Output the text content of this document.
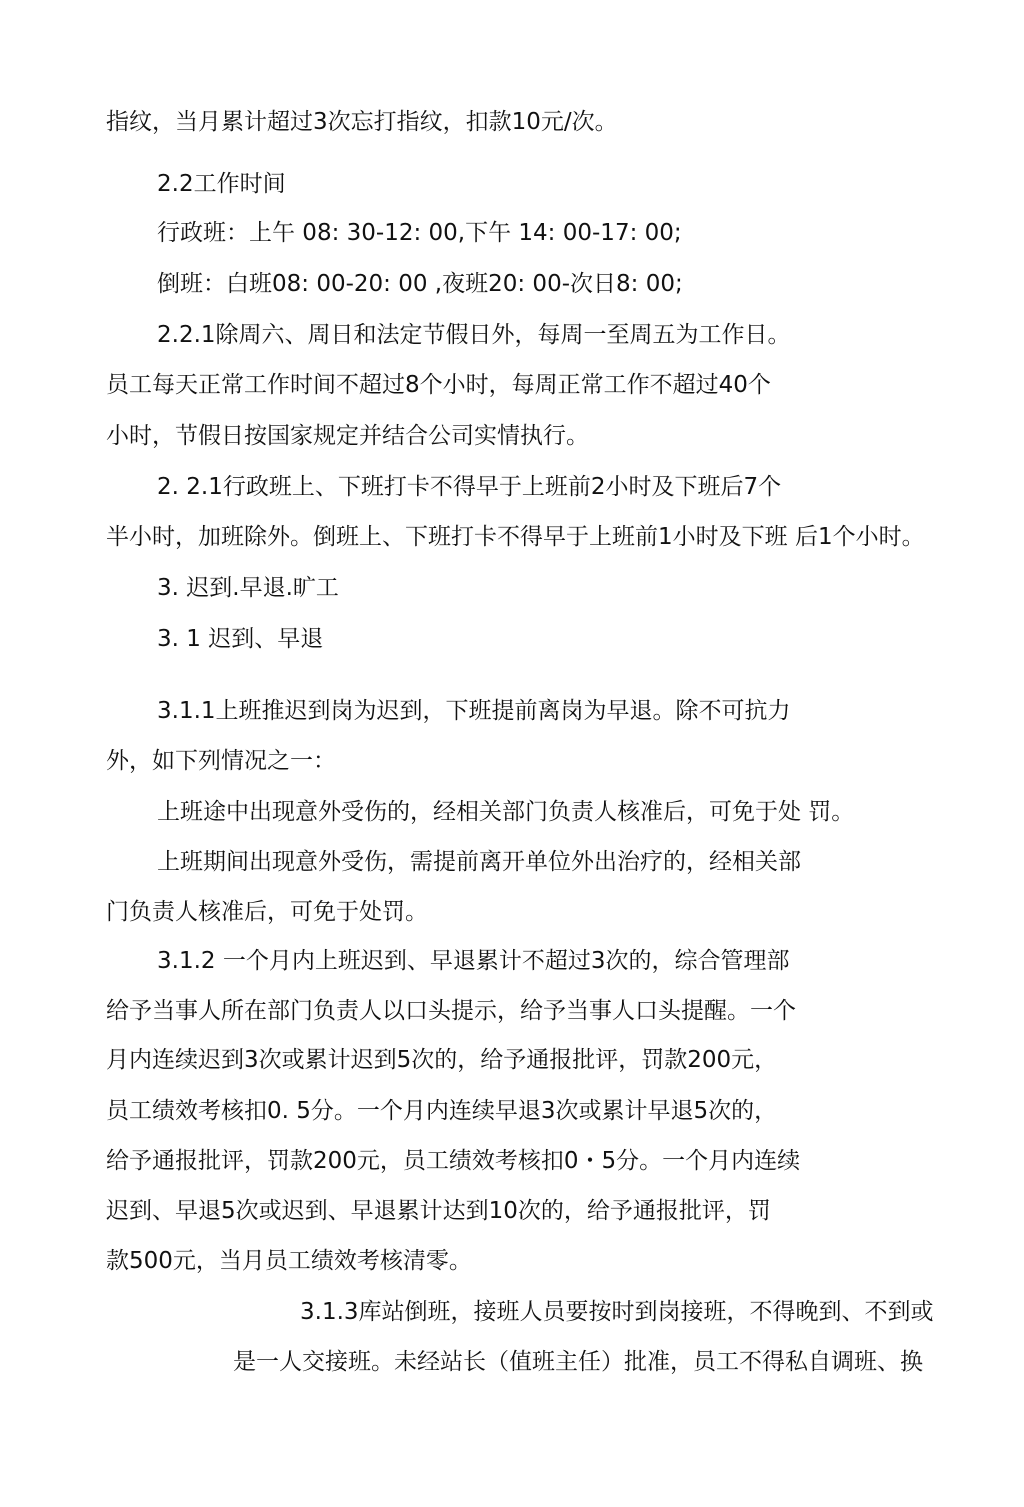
指纹，当月累计超过3次忘打指纹，扣款10元/次。
2.2工作时间
行政班：上午 08: 30-12: 00,下午 14: 00-17: 00;
倒班：白班08: 00-20: 00 ,夜班20: 00-次日8: 00;
2.2.1除周六、周日和法定节假日外，每周一至周五为工作日。
员工每天正常工作时间不超过8个小时，每周正常工作不超过40个
小时，节假日按国家规定并结合公司实情执行。
2. 2.1行政班上、下班打卡不得早于上班前2小时及下班后7个
半小时，加班除外。倒班上、下班打卡不得早于上班前1小时及下班 后1个小时。
3. 迟到.早退.旷工
3. 1 迟到、早退
3.1.1上班推迟到岗为迟到，下班提前离岗为早退。除不可抗力
外，如下列情况之一：
上班途中出现意外受伤的，经相关部门负责人核准后，可免于处 罚。
上班期间出现意外受伤，需提前离开单位外出治疗的，经相关部
门负责人核准后，可免于处罚。
3.1.2 一个月内上班迟到、早退累计不超过3次的，综合管理部
给予当事人所在部门负责人以口头提示，给予当事人口头提醒。一个
月内连续迟到3次或累计迟到5次的，给予通报批评，罚款200元，
员工绩效考核扣0. 5分。一个月内连续早退3次或累计早退5次的，
给予通报批评，罚款200元，员工绩效考核扣0・5分。一个月内连续
迟到、早退5次或迟到、早退累计达到10次的，给予通报批评，罚
款500元，当月员工绩效考核清零。
3.1.3库站倒班，接班人员要按时到岗接班，不得晚到、不到或
是一人交接班。未经站长（值班主任）批准，员工不得私自调班、换
